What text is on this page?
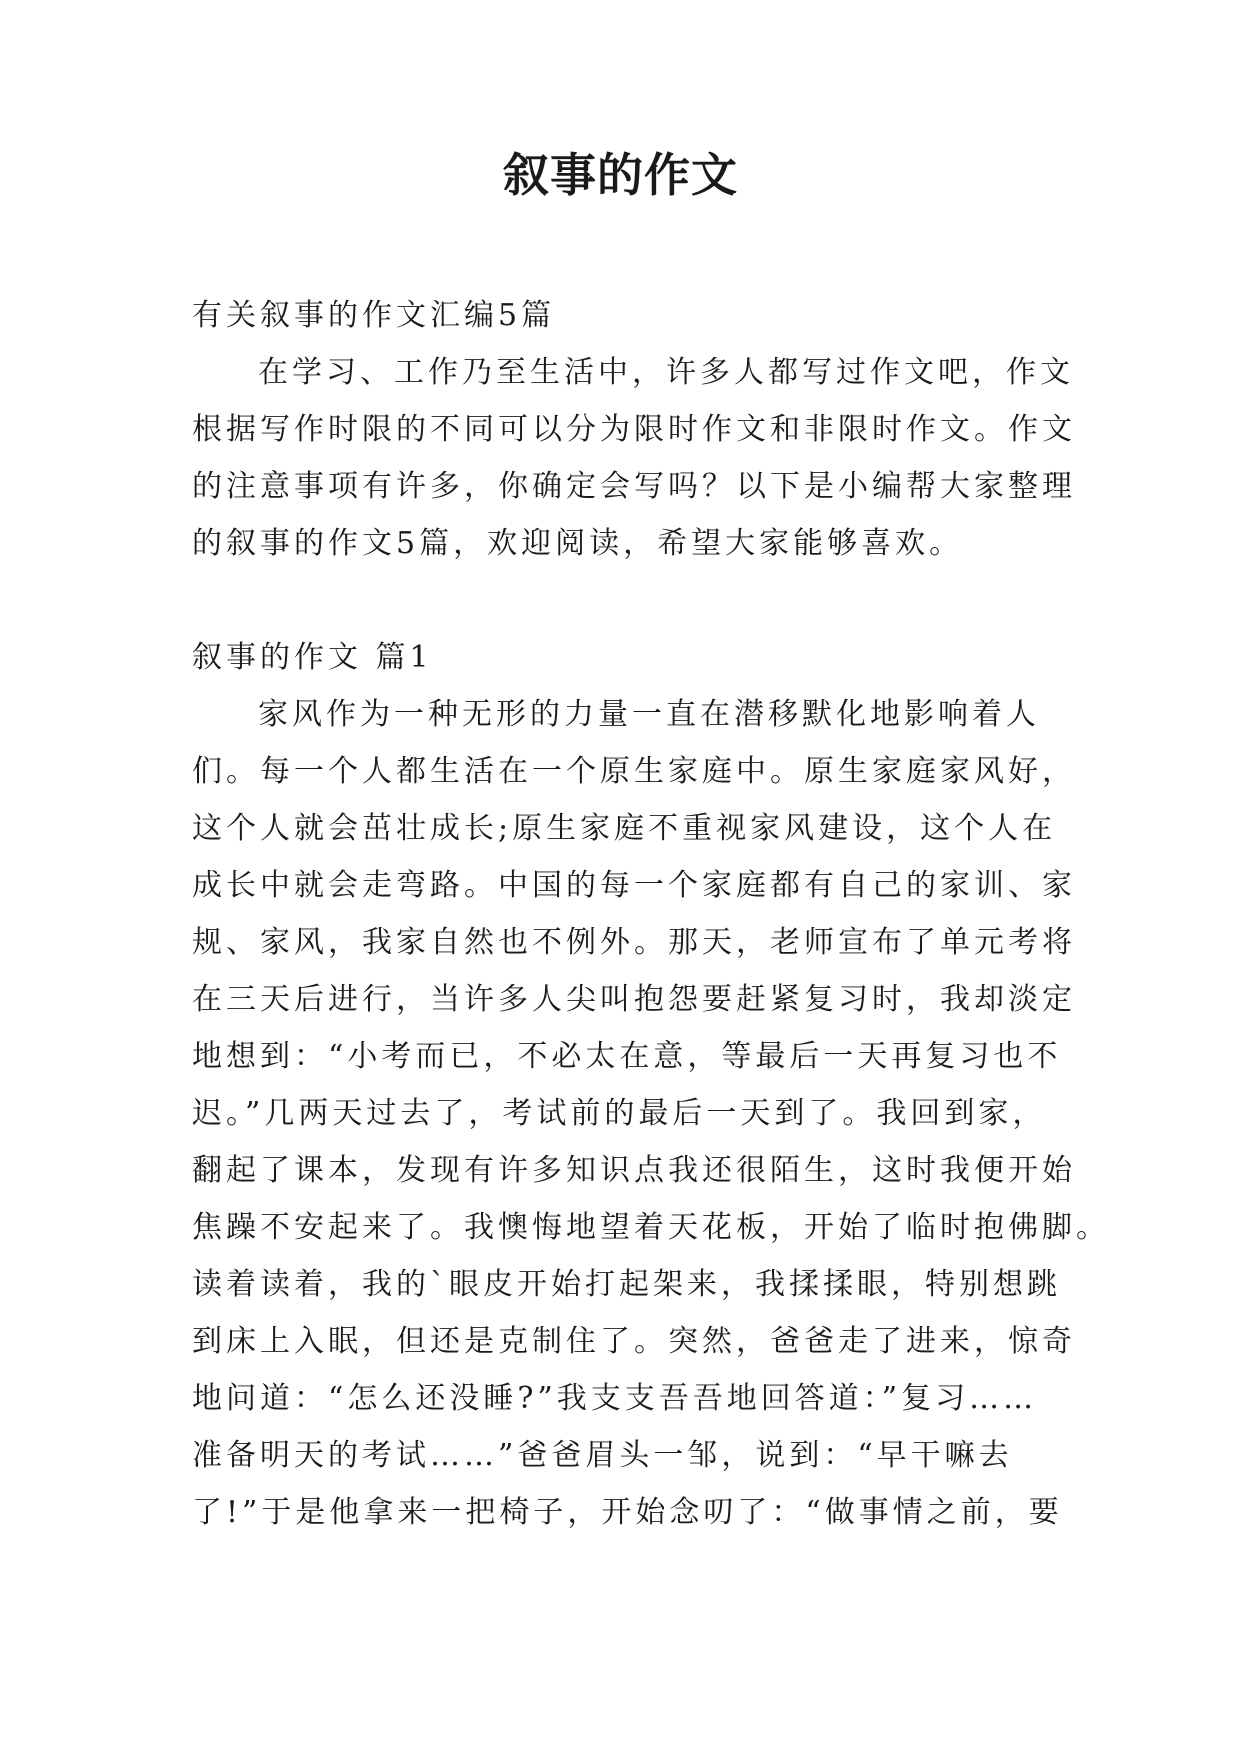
叙事的作文

有关叙事的作文汇编5篇

在学习、工作乃至生活中，许多人都写过作文吧，作文

根据写作时限的不同可以分为限时作文和非限时作文。作文

的注意事项有许多，你确定会写吗？以下是小编帮大家整理

的叙事的作文5篇，欢迎阅读，希望大家能够喜欢。

叙事的作文 篇1

家风作为一种无形的力量一直在潜移默化地影响着人

们。每一个人都生活在一个原生家庭中。原生家庭家风好，

这个人就会茁壮成长;原生家庭不重视家风建设，这个人在

成长中就会走弯路。中国的每一个家庭都有自己的家训、家

规、家风，我家自然也不例外。那天，老师宣布了单元考将

在三天后进行，当许多人尖叫抱怨要赶紧复习时，我却淡定

地想到：“小考而已，不必太在意，等最后一天再复习也不

迟。”几两天过去了，考试前的最后一天到了。我回到家，

翻起了课本，发现有许多知识点我还很陌生，这时我便开始

焦躁不安起来了。我懊悔地望着天花板，开始了临时抱佛脚。

读着读着，我的`眼皮开始打起架来，我揉揉眼，特别想跳

到床上入眠，但还是克制住了。突然，爸爸走了进来，惊奇

地问道：“怎么还没睡?”我支支吾吾地回答道：”复习……

准备明天的考试……”爸爸眉头一邹，说到：“早干嘛去

了!”于是他拿来一把椅子，开始念叨了：“做事情之前，要
